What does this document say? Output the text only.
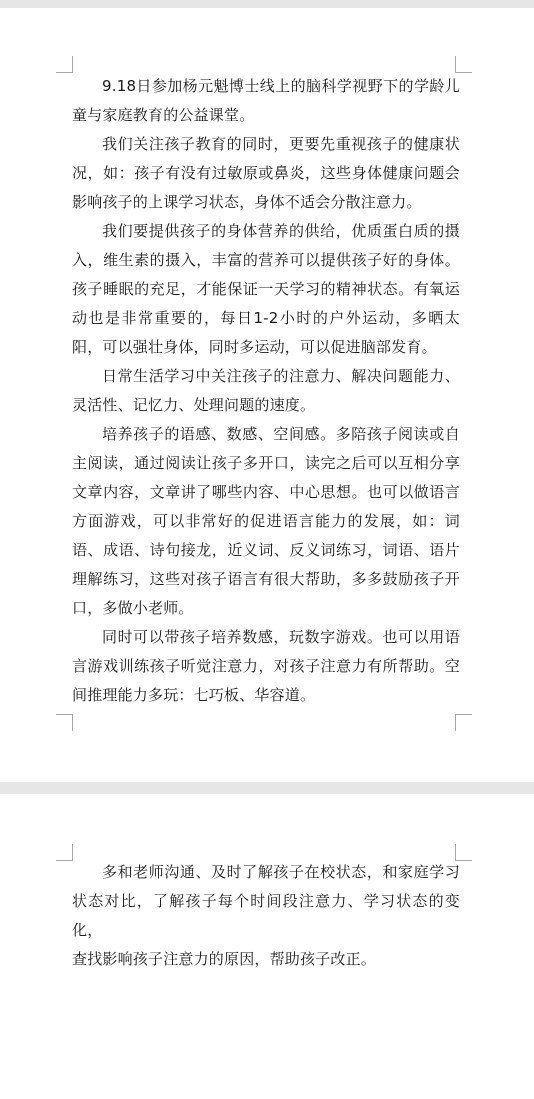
9.18日参加杨元魁博士线上的脑科学视野下的学龄儿童与家庭教育的公益课堂。

我们关注孩子教育的同时，更要先重视孩子的健康状况，如：孩子有没有过敏原或鼻炎，这些身体健康问题会影响孩子的上课学习状态，身体不适会分散注意力。

我们要提供孩子的身体营养的供给，优质蛋白质的摄入，维生素的摄入，丰富的营养可以提供孩子好的身体。孩子睡眠的充足，才能保证一天学习的精神状态。有氧运动也是非常重要的，每日1-2小时的户外运动，多晒太阳，可以强壮身体，同时多运动，可以促进脑部发育。

日常生活学习中关注孩子的注意力、解决问题能力、灵活性、记忆力、处理问题的速度。

培养孩子的语感、数感、空间感。多陪孩子阅读或自主阅读，通过阅读让孩子多开口，读完之后可以互相分享文章内容，文章讲了哪些内容、中心思想。也可以做语言方面游戏，可以非常好的促进语言能力的发展，如：词语、成语、诗句接龙，近义词、反义词练习，词语、语片理解练习，这些对孩子语言有很大帮助，多多鼓励孩子开口，多做小老师。

同时可以带孩子培养数感，玩数字游戏。也可以用语言游戏训练孩子听觉注意力，对孩子注意力有所帮助。空间推理能力多玩：七巧板、华容道。

多和老师沟通、及时了解孩子在校状态，和家庭学习状态对比，了解孩子每个时间段注意力、学习状态的变化，

查找影响孩子注意力的原因，帮助孩子改正。
